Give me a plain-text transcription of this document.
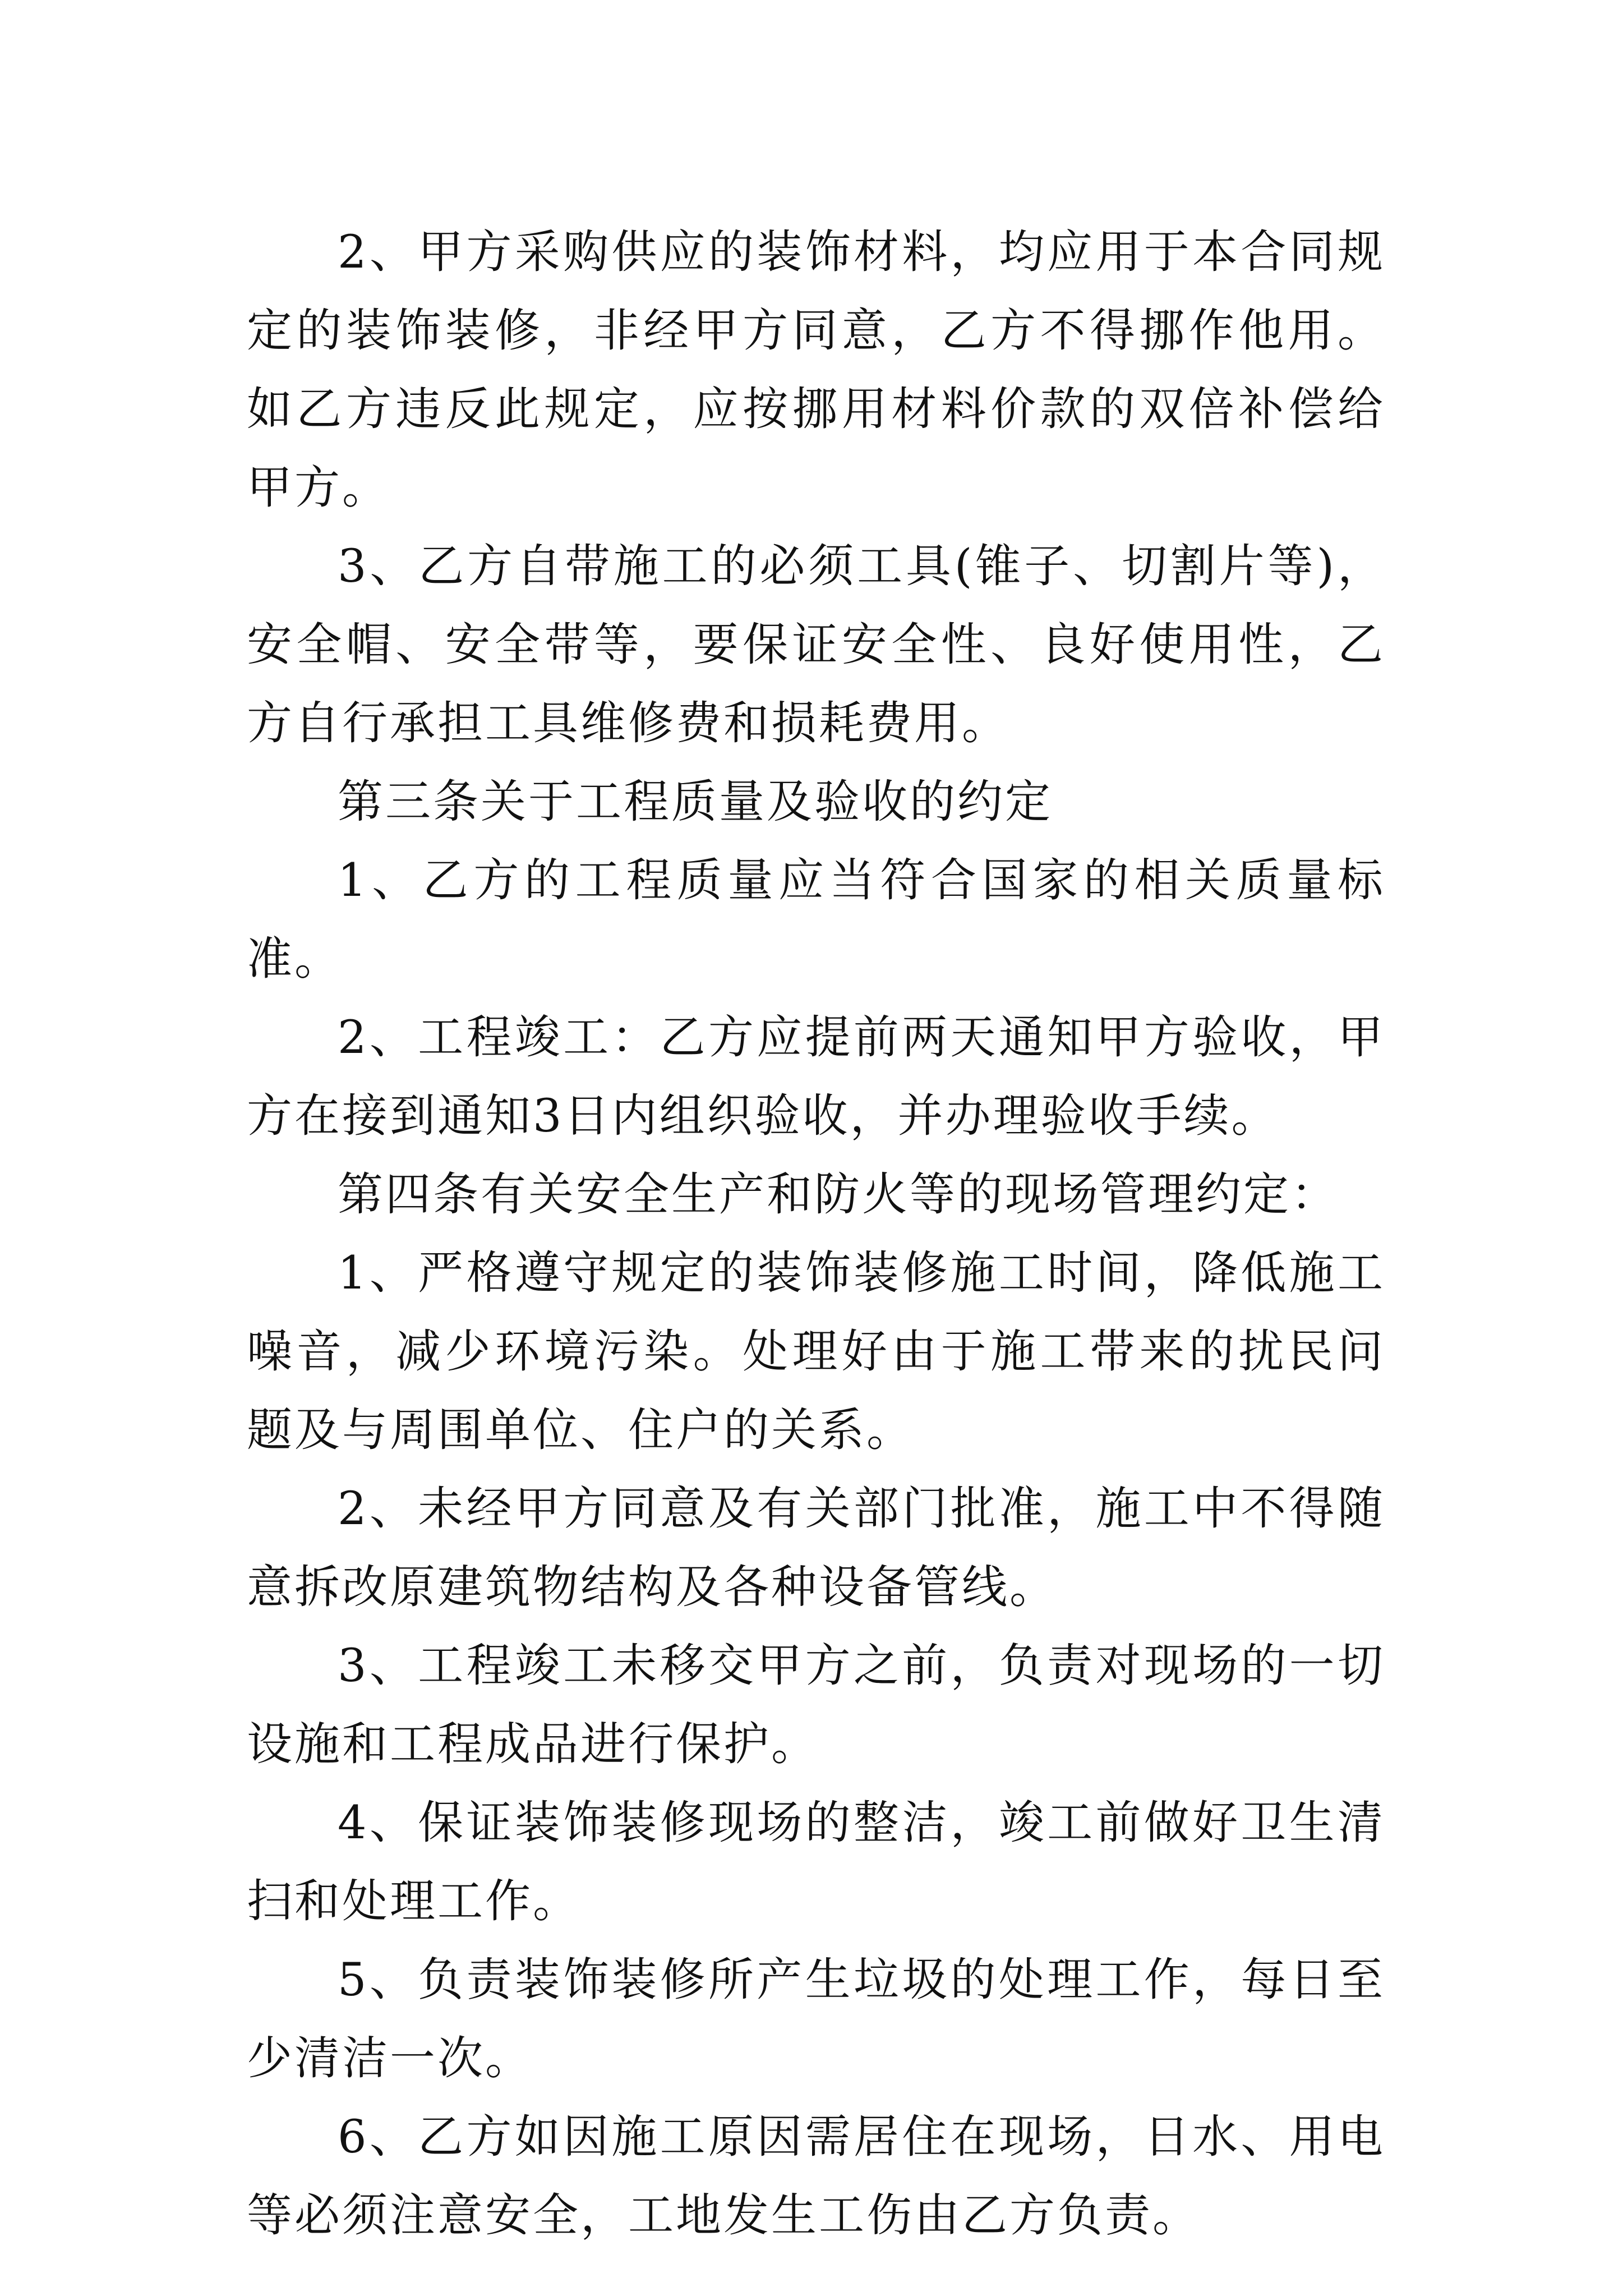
2、甲方采购供应的装饰材料，均应用于本合同规定的装饰装修，非经甲方同意，乙方不得挪作他用。如乙方违反此规定，应按挪用材料价款的双倍补偿给甲方。

3、乙方自带施工的必须工具(锥子、切割片等)，安全帽、安全带等，要保证安全性、良好使用性，乙方自行承担工具维修费和损耗费用。

第三条关于工程质量及验收的约定

1、乙方的工程质量应当符合国家的相关质量标准。

2、工程竣工：乙方应提前两天通知甲方验收，甲方在接到通知3日内组织验收，并办理验收手续。

第四条有关安全生产和防火等的现场管理约定：

1、严格遵守规定的装饰装修施工时间，降低施工噪音，减少环境污染。处理好由于施工带来的扰民问题及与周围单位、住户的关系。

2、未经甲方同意及有关部门批准，施工中不得随意拆改原建筑物结构及各种设备管线。

3、工程竣工未移交甲方之前，负责对现场的一切设施和工程成品进行保护。

4、保证装饰装修现场的整洁，竣工前做好卫生清扫和处理工作。

5、负责装饰装修所产生垃圾的处理工作，每日至少清洁一次。

6、乙方如因施工原因需居住在现场，日水、用电等必须注意安全，工地发生工伤由乙方负责。
